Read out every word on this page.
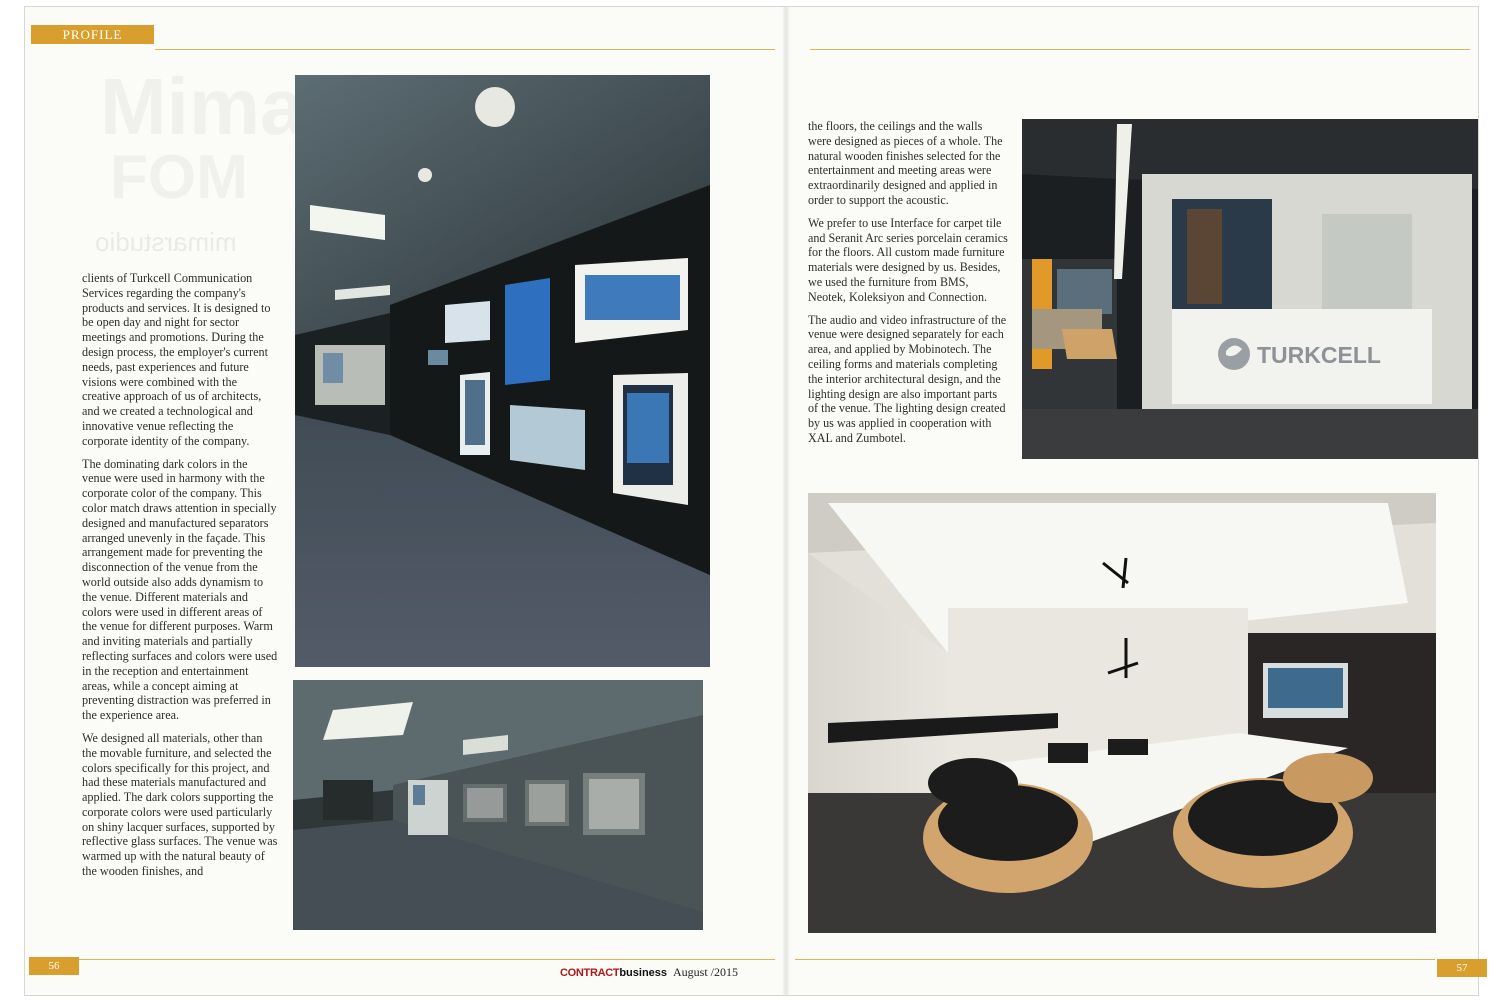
PROFILE
mimarstudio

clients of Turkcell Communication Services regarding the company's products and services. It is designed to be open day and night for sector meetings and promotions. During the design process, the employer's current needs, past experiences and future visions were combined with the creative approach of us of architects, and we created a technological and innovative venue reflecting the corporate identity of the company.

The dominating dark colors in the venue were used in harmony with the corporate color of the company. This color match draws attention in specially designed and manufactured separators arranged unevenly in the façade. This arrangement made for preventing the disconnection of the venue from the world outside also adds dynamism to the venue. Different materials and colors were used in different areas of the venue for different purposes. Warm and inviting materials and partially reflecting surfaces and colors were used in the reception and entertainment areas, while a concept aiming at preventing distraction was preferred in the experience area.

We designed all materials, other than the movable furniture, and selected the colors specifically for this project, and had these materials manufactured and applied. The dark colors supporting the corporate colors were used particularly on shiny lacquer surfaces, supported by reflective glass surfaces. The venue was warmed up with the natural beauty of the wooden finishes, and

the floors, the ceilings and the walls were designed as pieces of a whole. The natural wooden finishes selected for the entertainment and meeting areas were extraordinarily designed and applied in order to support the acoustic.

We prefer to use Interface for carpet tile and Seranit Arc series porcelain ceramics for the floors. All custom made furniture materials were designed by us. Besides, we used the furniture from BMS, Neotek, Koleksiyon and Connection.

The audio and video infrastructure of the venue were designed separately for each area, and applied by Mobinotech. The ceiling forms and materials completing the interior architectural design, and the lighting design are also important parts of the venue. The lighting design created by us was applied in cooperation with XAL and Zumbotel.

TURKCELL
56	57
CONTRACTbusiness August /2015
